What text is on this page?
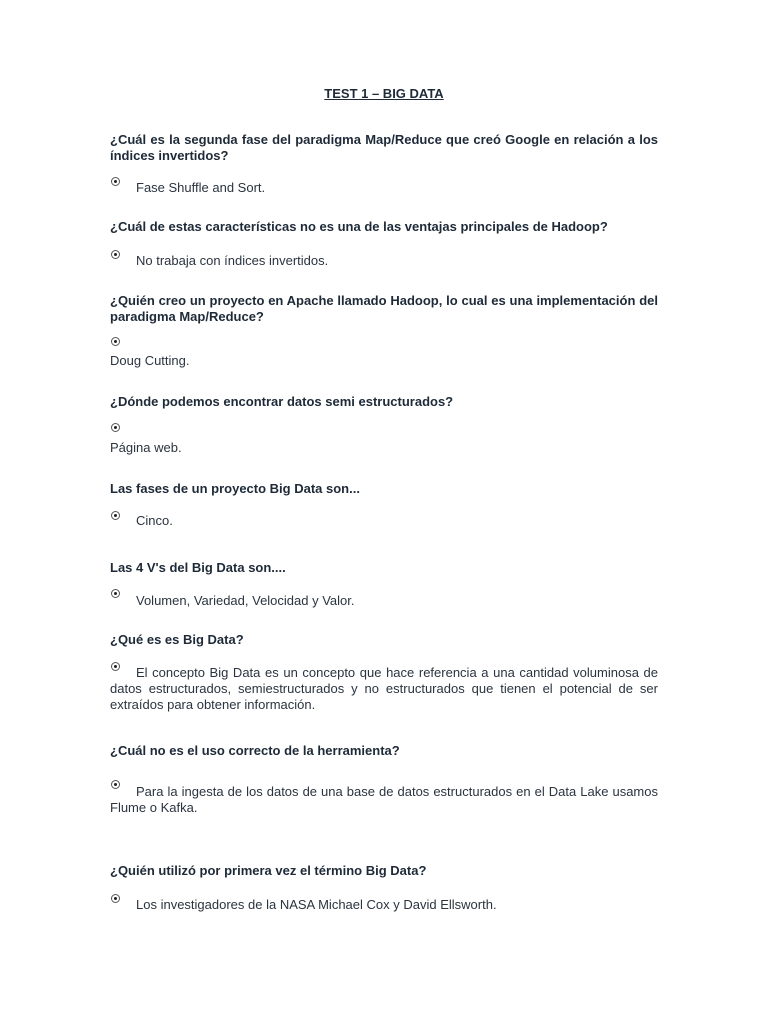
TEST 1 – BIG DATA
¿Cuál es la segunda fase del paradigma Map/Reduce que creó Google en relación a los índices invertidos?
Fase Shuffle and Sort.
¿Cuál de estas características no es una de las ventajas principales de Hadoop?
No trabaja con índices invertidos.
¿Quién creo un proyecto en Apache llamado Hadoop, lo cual es una implementación del paradigma Map/Reduce?
Doug Cutting.
¿Dónde podemos encontrar datos semi estructurados?
Página web.
Las fases de un proyecto Big Data son...
Cinco.
Las 4 V's del Big Data son....
Volumen, Variedad, Velocidad y Valor.
¿Qué es es Big Data?
El concepto Big Data es un concepto que hace referencia a una cantidad voluminosa de datos estructurados, semiestructurados y no estructurados que tienen el potencial de ser extraídos para obtener información.
¿Cuál no es el uso correcto de la herramienta?
Para la ingesta de los datos de una base de datos estructurados en el Data Lake usamos Flume o Kafka.
¿Quién utilizó por primera vez el término Big Data?
Los investigadores de la NASA Michael Cox y David Ellsworth.
